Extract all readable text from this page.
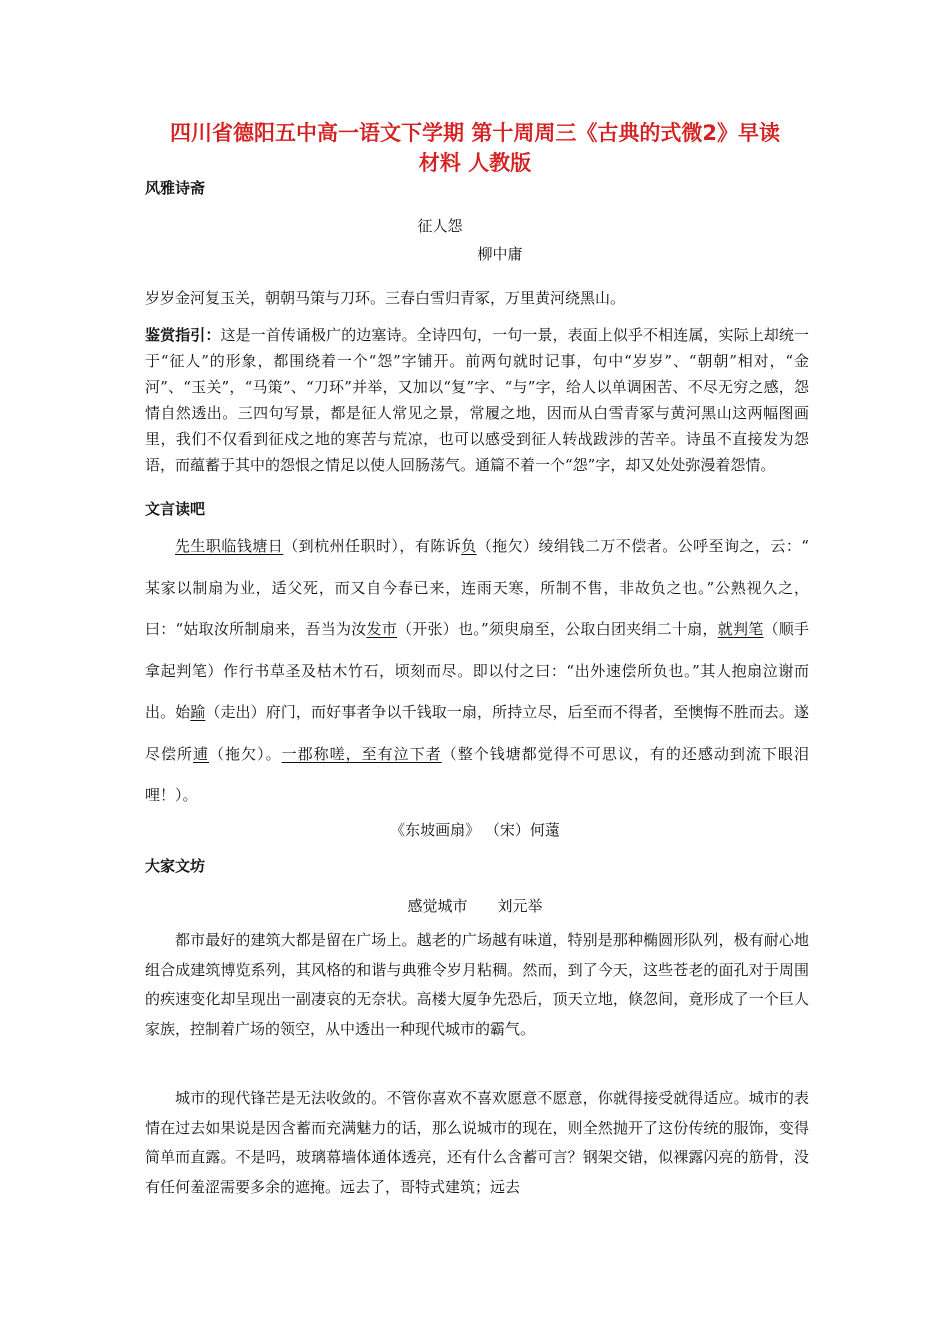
四川省德阳五中高一语文下学期 第十周周三《古典的式微2》早读
材料 人教版
风雅诗斋
征人怨
柳中庸

岁岁金河复玉关，朝朝马策与刀环。三春白雪归青冢，万里黄河绕黑山。

鉴赏指引：这是一首传诵极广的边塞诗。全诗四句，一句一景，表面上似乎不相连属，实际上却统一于“征人”的形象，都围绕着一个“怨”字铺开。前两句就时记事，句中“岁岁”、“朝朝”相对，“金河”、“玉关”，“马策”、“刀环”并举，又加以“复”字、“与”字，给人以单调困苦、不尽无穷之感，怨情自然透出。三四句写景，都是征人常见之景，常履之地，因而从白雪青冢与黄河黑山这两幅图画里，我们不仅看到征戍之地的寒苦与荒凉，也可以感受到征人转战跋涉的苦辛。诗虽不直接发为怨语，而蕴蓄于其中的怨恨之情足以使人回肠荡气。通篇不着一个“怨”字，却又处处弥漫着怨情。

文言读吧

先生职临钱塘日（到杭州任职时），有陈诉负（拖欠）绫绢钱二万不偿者。公呼至询之，云：“ 某家以制扇为业，适父死，而又自今春已来，连雨天寒，所制不售，非故负之也。”公熟视久之，曰：“姑取汝所制扇来，吾当为汝发市（开张）也。”须臾扇至，公取白团夹绢二十扇，就判笔（顺手拿起判笔）作行书草圣及枯木竹石，顷刻而尽。即以付之曰：“出外速偿所负也。”其人抱扇泣谢而出。始踰（走出）府门，而好事者争以千钱取一扇，所持立尽，后至而不得者，至懊悔不胜而去。遂尽偿所逋（拖欠）。一郡称嗟，至有泣下者（整个钱塘都觉得不可思议，有的还感动到流下眼泪哩！）。

《东坡画扇》 （宋）何薳
大家文坊
感觉城市　　刘元举

都市最好的建筑大都是留在广场上。越老的广场越有味道，特别是那种椭圆形队列，极有耐心地组合成建筑博览系列，其风格的和谐与典雅令岁月粘稠。然而，到了今天，这些苍老的面孔对于周围的疾速变化却呈现出一副凄哀的无奈状。高楼大厦争先恐后，顶天立地，倏忽间，竟形成了一个巨人家族，控制着广场的领空，从中透出一种现代城市的霸气。

城市的现代锋芒是无法收敛的。不管你喜欢不喜欢愿意不愿意，你就得接受就得适应。城市的表情在过去如果说是因含蓄而充满魅力的话，那么说城市的现在，则全然抛开了这份传统的服饰，变得简单而直露。不是吗，玻璃幕墙体通体透亮，还有什么含蓄可言？钢架交错，似裸露闪亮的筋骨，没有任何羞涩需要多余的遮掩。远去了，哥特式建筑；远去
